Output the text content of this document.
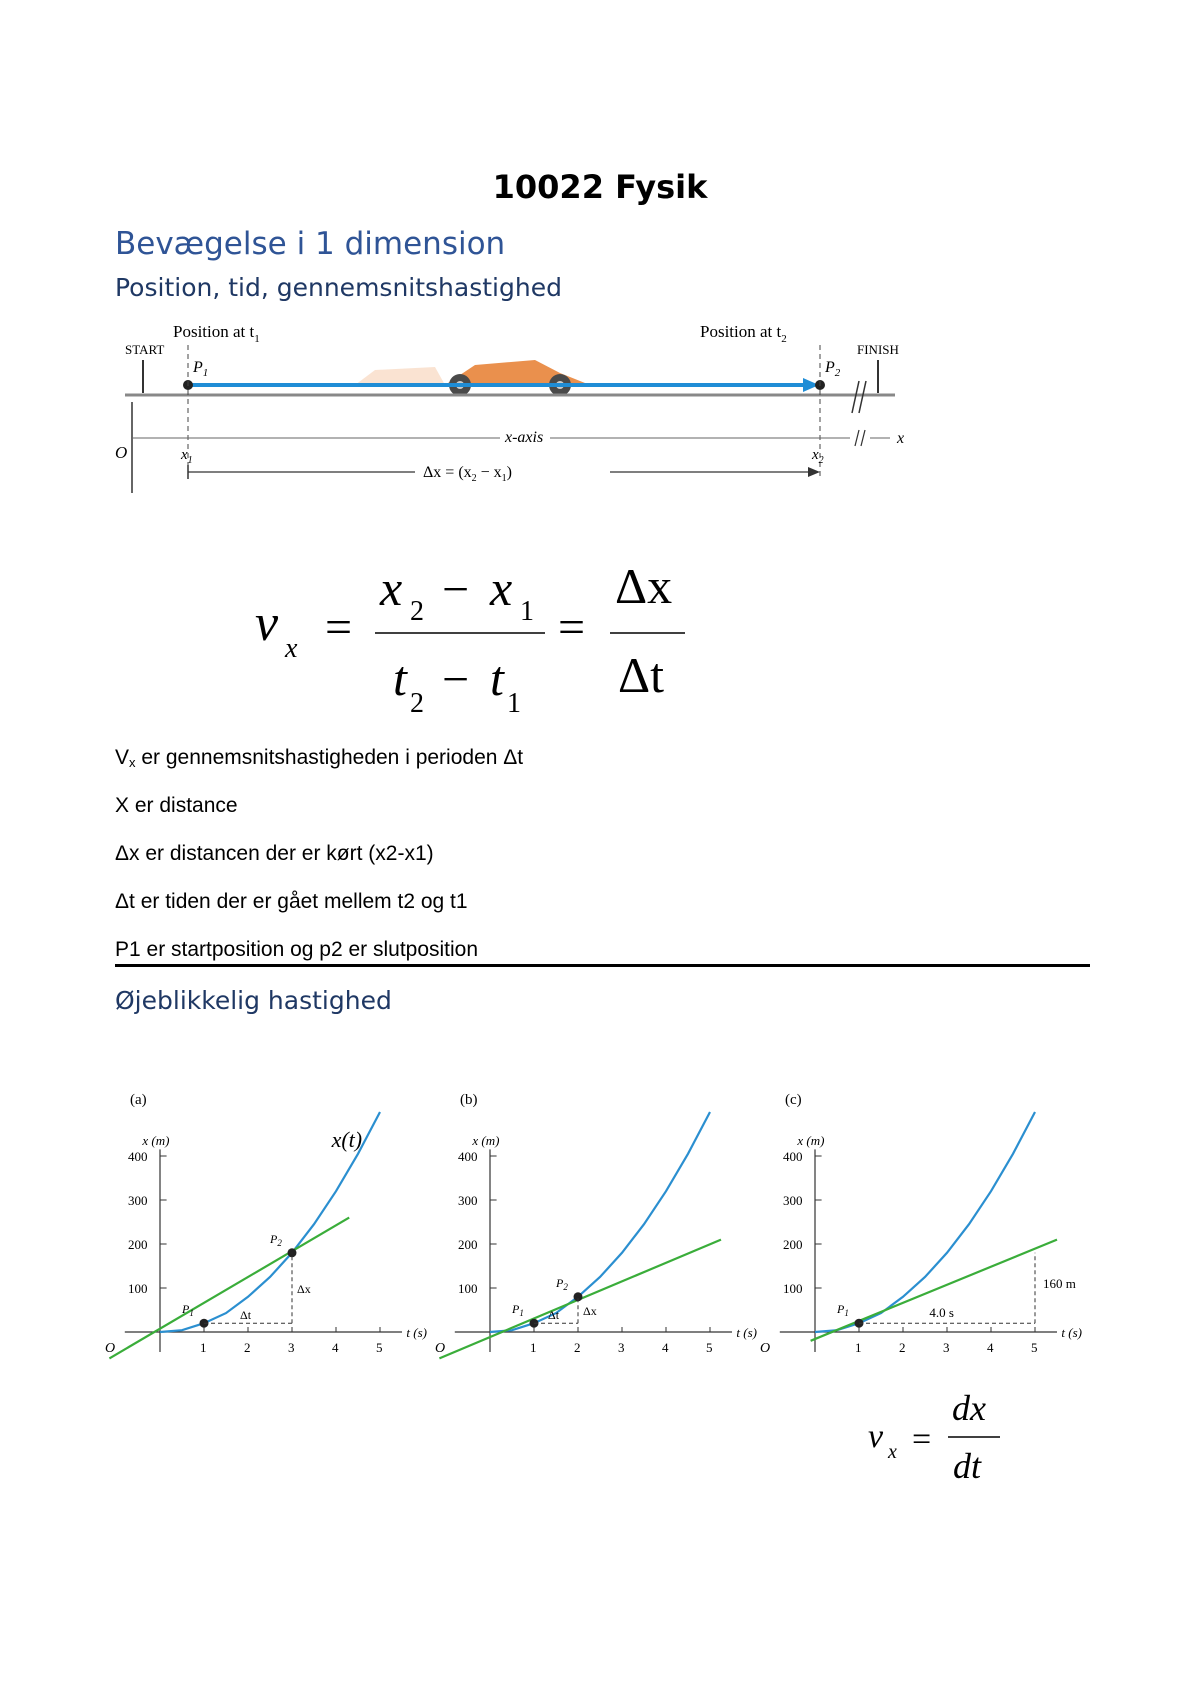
10022 Fysik
Bevægelse i 1 dimension
Position, tid, gennemsnitshastighed
START	FINISH
Position at $t_1$	Position at $t_2$
$P_1$	$P_2$
O
x-axis	x
$x_1$	$x_2$
$\Delta x = (x_2 - x_1)$
v x =
x 2 − x 1
t 2 − t 1
=
Δx
Δt
$V_x$ er gennemsnitshastigheden i perioden Δt
X er distance
Δx er distancen der er kørt (x2-x1)
Δt er tiden der er gået mellem t2 og t1
P1 er startposition og p2 er slutposition
Øjeblikkelig hastighed
(a)
x (m)
t (s)
O
100
200
300
400
1	2	3	4	5
$P_1$
$P_2$
Δt
Δx
x(t)
(b)
x (m)
t (s)
O
100
200
300
400
1	2	3	4	5
$P_1$
$P_2$
Δt Δx
(c)
x (m)
t (s)
O
100
200
300
400
1	2	3	4	5
$P_1$
160 m
4.0 s
v x =
dx
dt
